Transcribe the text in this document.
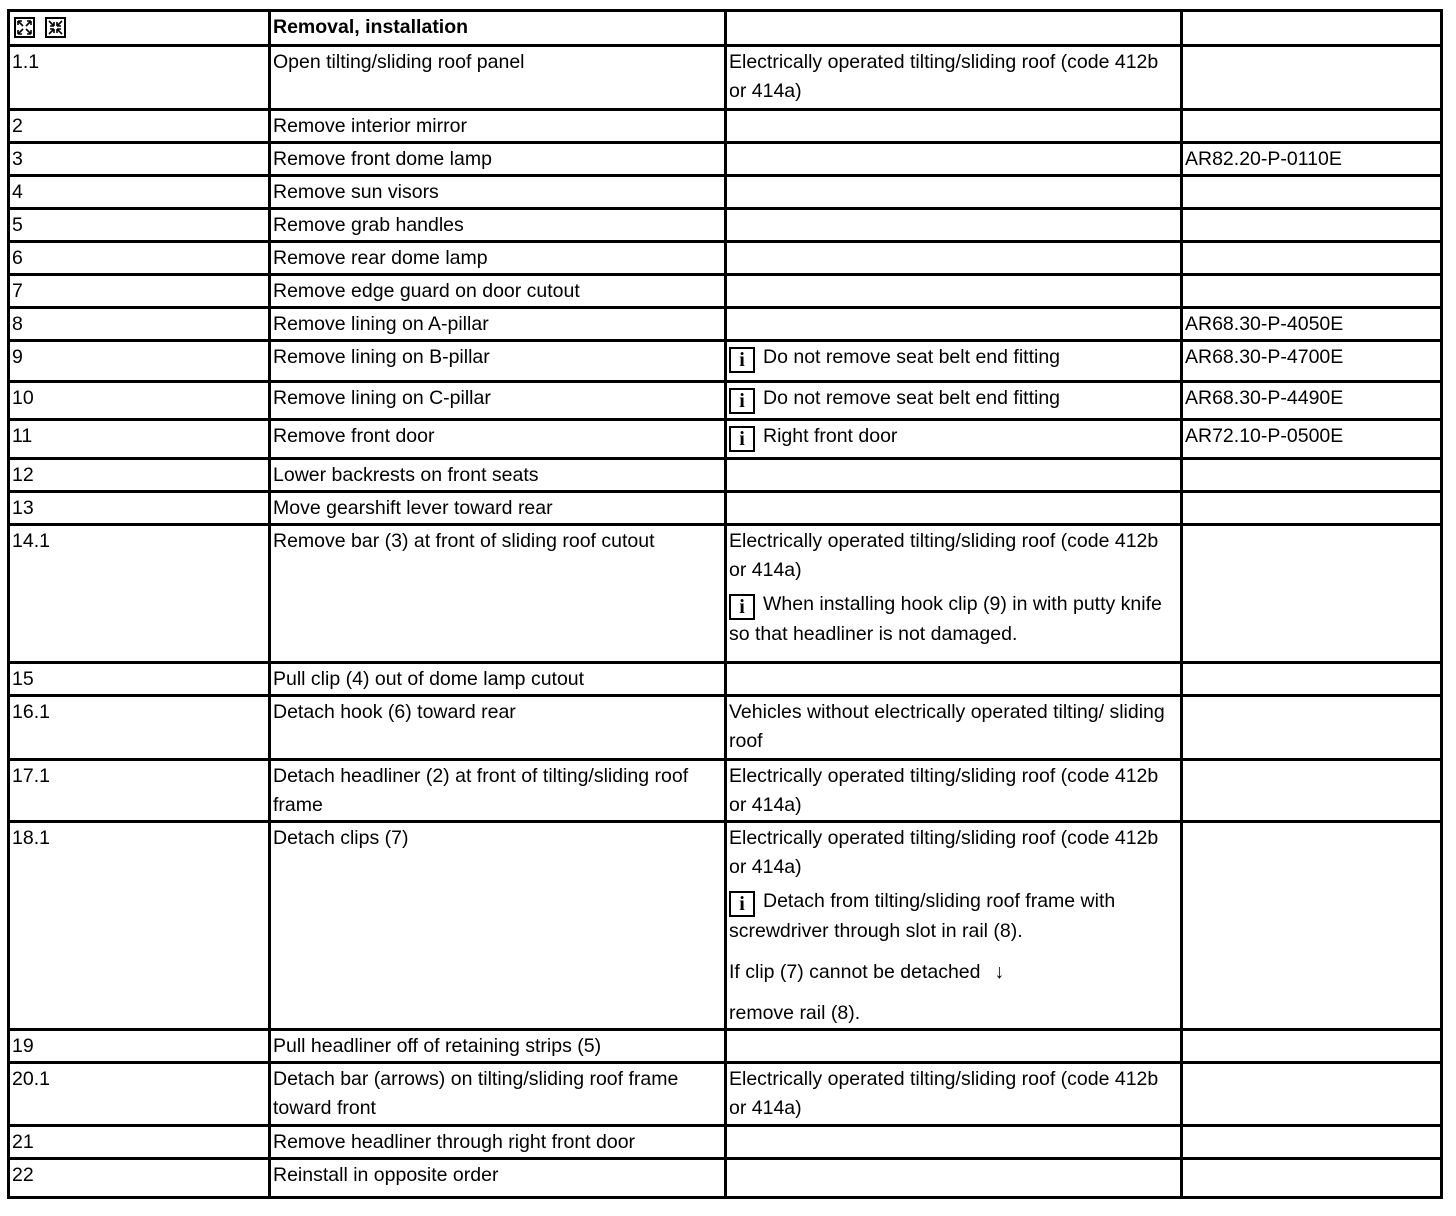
	Removal, installation		
1.1	Open tilting/sliding roof panel	Electrically operated tilting/sliding roof (code 412b or 414a)	
2	Remove interior mirror		
3	Remove front dome lamp		AR82.20-P-0110E
4	Remove sun visors		
5	Remove grab handles		
6	Remove rear dome lamp		
7	Remove edge guard on door cutout		
8	Remove lining on A-pillar		AR68.30-P-4050E
9	Remove lining on B-pillar	i Do not remove seat belt end fitting	AR68.30-P-4700E
10	Remove lining on C-pillar	i Do not remove seat belt end fitting	AR68.30-P-4490E
11	Remove front door	i Right front door	AR72.10-P-0500E
12	Lower backrests on front seats		
13	Move gearshift lever toward rear		
14.1	Remove bar (3) at front of sliding roof cutout	Electrically operated tilting/sliding roof (code 412b or 414a)
i When installing hook clip (9) in with putty knife so that headliner is not damaged.	

15	Pull clip (4) out of dome lamp cutout		
16.1	Detach hook (6) toward rear	Vehicles without electrically operated tilting/ sliding roof	
17.1	Detach headliner (2) at front of tilting/sliding roof frame	Electrically operated tilting/sliding roof (code 412b or 414a)	
18.1	Detach clips (7)	Electrically operated tilting/sliding roof (code 412b or 414a)
i Detach from tilting/sliding roof frame with screwdriver through slot in rail (8).
If clip (7) cannot be detached ↓
remove rail (8).	

19	Pull headliner off of retaining strips (5)		
20.1	Detach bar (arrows) on tilting/sliding roof frame toward front	Electrically operated tilting/sliding roof (code 412b or 414a)	
21	Remove headliner through right front door		
22	Reinstall in opposite order		
